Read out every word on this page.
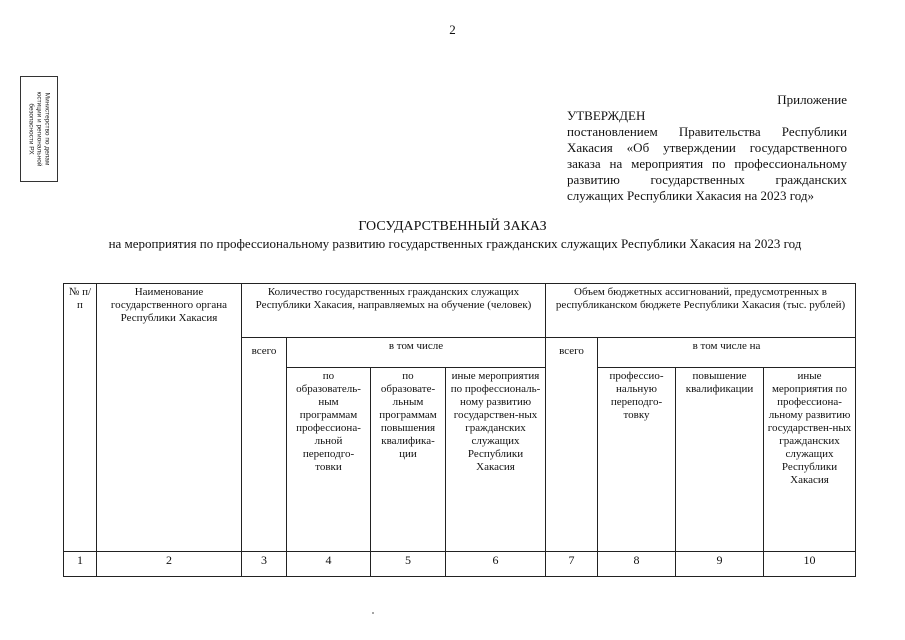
2
Министерство по делам
юстиции и региональной
безопасности РХ
Приложение
УТВЕРЖДЕН
постановлением Правительства Республики Хакасия «Об утверждении государственного заказа на мероприятия по профессиональному развитию государственных гражданских служащих Республики Хакасия на 2023 год»
ГОСУДАРСТВЕННЫЙ ЗАКАЗ
на мероприятия по профессиональному развитию государственных гражданских служащих Республики Хакасия на 2023 год
№ п/п	Наименование государственного органа Республики Хакасия	Количество государственных гражданских служащих Республики Хакасия, направляемых на обучение (человек)				Объем бюджетных ассигнований, предусмотренных в республиканском бюджете Республики Хакасия (тыс. рублей)			
		всего	в том числе			всего	в том числе на		
			по образователь-ным программам профессиона-льной переподго-товки	по образовате-льным программам повышения квалифика-ции	иные мероприятия по профессиональ-ному развитию государствен-ных гражданских служащих Республики Хакасия		профессио-нальную переподго-товку	повышение квалификации	иные мероприятия по профессиона-льному развитию государствен-ных гражданских служащих Республики Хакасия
1	2	3	4	5	6	7	8	9	10
